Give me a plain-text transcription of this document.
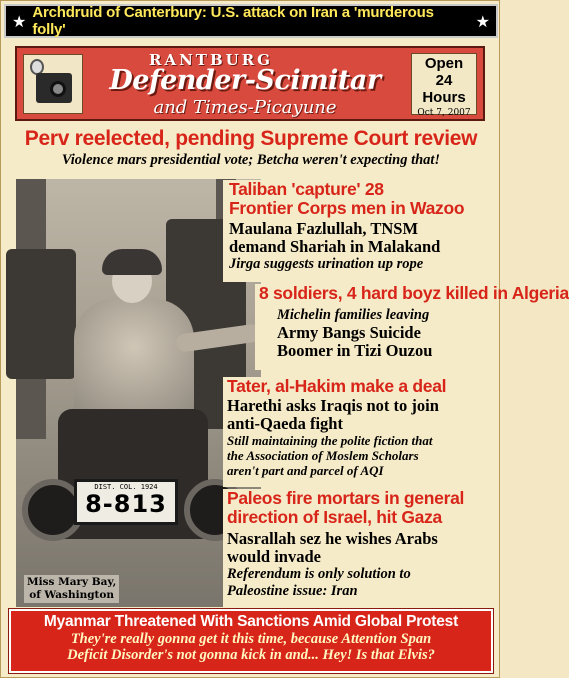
★ Archdruid of Canterbury: U.S. attack on Iran a 'murderous folly'	★
RANTBURG
Defender-Scimitar
and Times-Picayune
Open
24
Hours
Oct 7, 2007
Perv reelected, pending Supreme Court review
Violence mars presidential vote; Betcha weren't expecting that!
DIST. COL. 1924
8-813
Miss Mary Bay,
of Washington
Taliban 'capture' 28
Frontier Corps men in Wazoo
Maulana Fazlullah, TNSM
demand Shariah in Malakand
Jirga suggests urination up rope
8 soldiers, 4 hard boyz killed in Algeria
Michelin families leaving
Army Bangs Suicide
Boomer in Tizi Ouzou
Tater, al-Hakim make a deal
Harethi asks Iraqis not to join
anti-Qaeda fight
Still maintaining the polite fiction that
the Association of Moslem Scholars
aren't part and parcel of AQI
Paleos fire mortars in general
direction of Israel, hit Gaza
Nasrallah sez he wishes Arabs
would invade
Referendum is only solution to
Paleostine issue: Iran
Myanmar Threatened With Sanctions Amid Global Protest
They're really gonna get it this time, because Attention Span
Deficit Disorder's not gonna kick in and... Hey! Is that Elvis?
